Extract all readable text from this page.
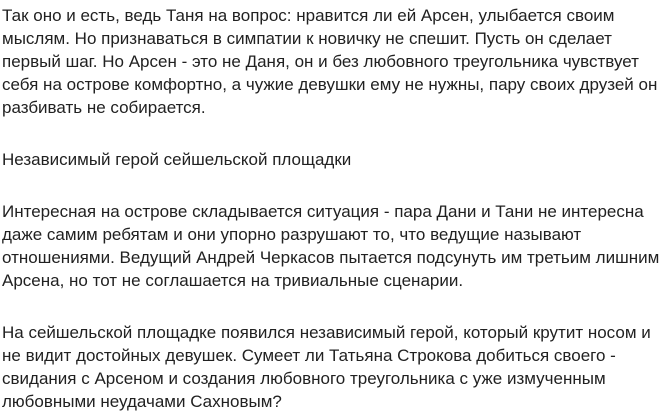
Так оно и есть, ведь Таня на вопрос: нравится ли ей Арсен, улыбается своим мыслям. Но признаваться в симпатии к новичку не спешит. Пусть он сделает первый шаг. Но Арсен - это не Даня, он и без любовного треугольника чувствует себя на острове комфортно, а чужие девушки ему не нужны, пару своих друзей он разбивать не собирается.

Независимый герой сейшельской площадки

Интересная на острове складывается ситуация - пара Дани и Тани не интересна даже самим ребятам и они упорно разрушают то, что ведущие называют отношениями. Ведущий Андрей Черкасов пытается подсунуть им третьим лишним Арсена, но тот не соглашается на тривиальные сценарии.

На сейшельской площадке появился независимый герой, который крутит носом и не видит достойных девушек. Сумеет ли Татьяна Строкова добиться своего - свидания с Арсеном и создания любовного треугольника с уже измученным любовными неудачами Сахновым?
